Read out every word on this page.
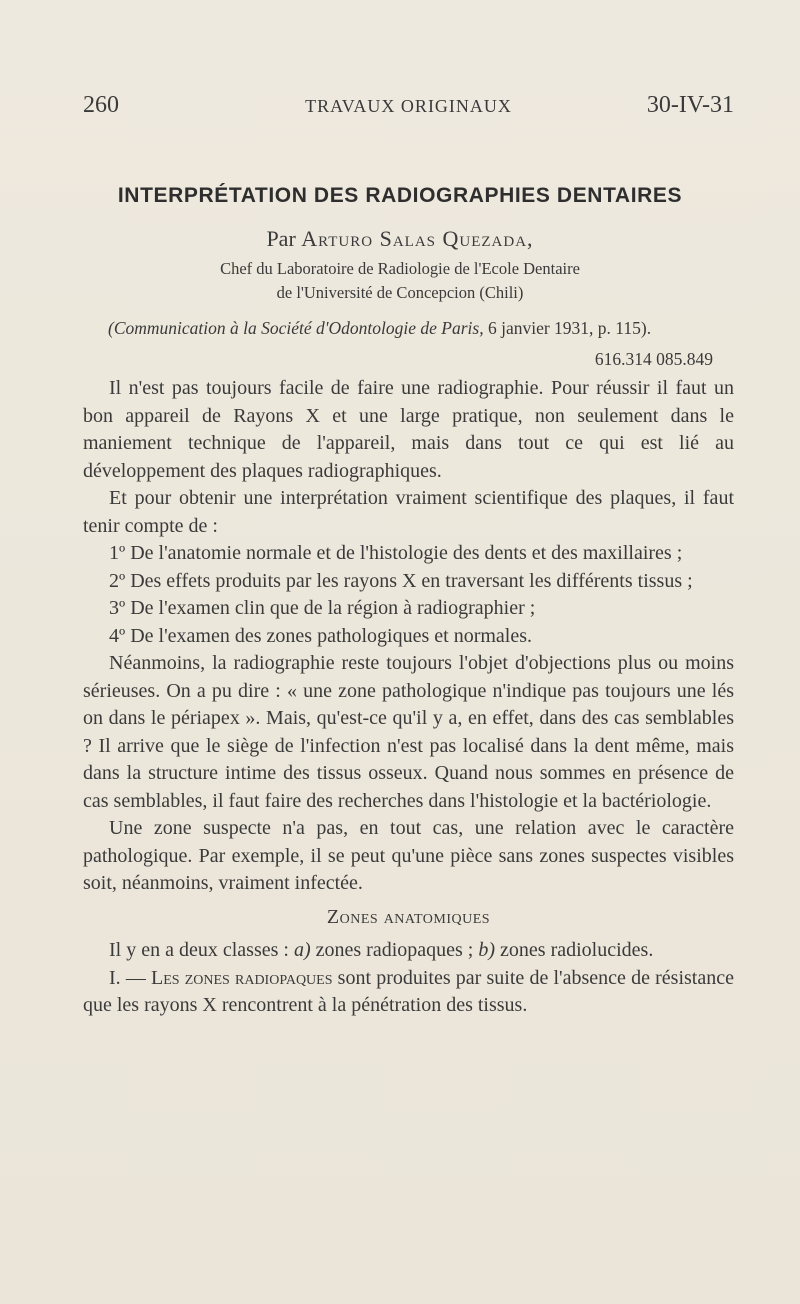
260	TRAVAUX ORIGINAUX	30-IV-31
INTERPRÉTATION DES RADIOGRAPHIES DENTAIRES
Par Arturo Salas Quezada,
Chef du Laboratoire de Radiologie de l'Ecole Dentaire
de l'Université de Concepcion (Chili)
(Communication à la Société d'Odontologie de Paris, 6 janvier 1931, p. 115).
616.314 085.849

Il n'est pas toujours facile de faire une radiographie. Pour réussir il faut un bon appareil de Rayons X et une large pratique, non seulement dans le maniement technique de l'appareil, mais dans tout ce qui est lié au développement des plaques radiographiques.

Et pour obtenir une interprétation vraiment scientifique des plaques, il faut tenir compte de :

1º De l'anatomie normale et de l'histologie des dents et des maxillaires ;

2º Des effets produits par les rayons X en traversant les différents tissus ;

3º De l'examen clin que de la région à radiographier ;

4º De l'examen des zones pathologiques et normales.

Néanmoins, la radiographie reste toujours l'objet d'objections plus ou moins sérieuses. On a pu dire : « une zone pathologique n'indique pas toujours une lés on dans le périapex ». Mais, qu'est-ce qu'il y a, en effet, dans des cas semblables ? Il arrive que le siège de l'infection n'est pas localisé dans la dent même, mais dans la structure intime des tissus osseux. Quand nous sommes en présence de cas semblables, il faut faire des recherches dans l'histologie et la bactériologie.

Une zone suspecte n'a pas, en tout cas, une relation avec le caractère pathologique. Par exemple, il se peut qu'une pièce sans zones suspectes visibles soit, néanmoins, vraiment infectée.

Zones anatomiques

Il y en a deux classes : a) zones radiopaques ; b) zones radiolucides.

I. — Les zones radiopaques sont produites par suite de l'absence de résistance que les rayons X rencontrent à la pénétration des tissus.
